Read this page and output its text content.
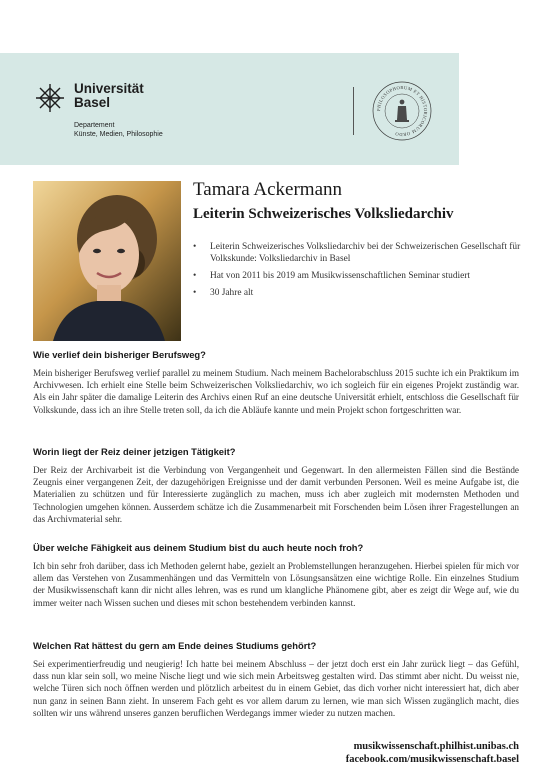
Universität
Basel
Departement
Künste, Medien, Philosophie
PHILOSOPHORUM ET HISTORICORUM ORDO
Tamara Ackermann
Leiterin Schweizerisches Volksliedarchiv
• Leiterin Schweizerisches Volksliedarchiv bei der Schweizerischen Gesellschaft für Volkskunde: Volksliedarchiv in Basel
• Hat von 2011 bis 2019 am Musikwissenschaftlichen Seminar studiert
• 30 Jahre alt

Wie verlief dein bisheriger Berufsweg?

Mein bisheriger Berufsweg verlief parallel zu meinem Studium. Nach meinem Bachelorabschluss 2015 suchte ich ein Praktikum im Archivwesen. Ich erhielt eine Stelle beim Schweizerischen Volksliedarchiv, wo ich sogleich für ein eigenes Projekt zuständig war. Als ein Jahr später die damalige Leiterin des Archivs einen Ruf an eine deutsche Universität erhielt, entschloss die Gesellschaft für Volkskunde, dass ich an ihre Stelle treten soll, da ich die Abläufe kannte und mein Projekt schon fortgeschritten war.

Worin liegt der Reiz deiner jetzigen Tätigkeit?

Der Reiz der Archivarbeit ist die Verbindung von Vergangenheit und Gegenwart. In den allermeisten Fällen sind die Bestände Zeugnis einer vergangenen Zeit, der dazugehörigen Ereignisse und der damit verbunden Personen. Weil es meine Aufgabe ist, die Materialien zu schützen und für Interessierte zugänglich zu machen, muss ich aber zugleich mit modernsten Methoden und Technologien umgehen können. Ausserdem schätze ich die Zusammenarbeit mit Forschenden beim Lösen ihrer Fragestellungen an das Archivmaterial sehr.

Über welche Fähigkeit aus deinem Studium bist du auch heute noch froh?

Ich bin sehr froh darüber, dass ich Methoden gelernt habe, gezielt an Problemstellungen heranzugehen. Hierbei spielen für mich vor allem das Verstehen von Zusammenhängen und das Vermitteln von Lösungsansätzen eine wichtige Rolle. Ein einzelnes Studium der Musikwissenschaft kann dir nicht alles lehren, was es rund um klangliche Phänomene gibt, aber es zeigt dir Wege auf, wie du immer weiter nach Wissen suchen und dieses mit schon bestehendem verbinden kannst.

Welchen Rat hättest du gern am Ende deines Studiums gehört?

Sei experimentierfreudig und neugierig! Ich hatte bei meinem Abschluss – der jetzt doch erst ein Jahr zurück liegt – das Gefühl, dass nun klar sein soll, wo meine Nische liegt und wie sich mein Arbeitsweg gestalten wird. Das stimmt aber nicht. Du weisst nie, welche Türen sich noch öffnen werden und plötzlich arbeitest du in einem Gebiet, das dich vorher nicht interessiert hat, dich aber nun ganz in seinen Bann zieht. In unserem Fach geht es vor allem darum zu lernen, wie man sich Wissen zugänglich macht, dies sollten wir uns während unseres ganzen beruflichen Werdegangs immer wieder zu nutzen machen.

musikwissenschaft.philhist.unibas.ch
facebook.com/musikwissenschaft.basel
